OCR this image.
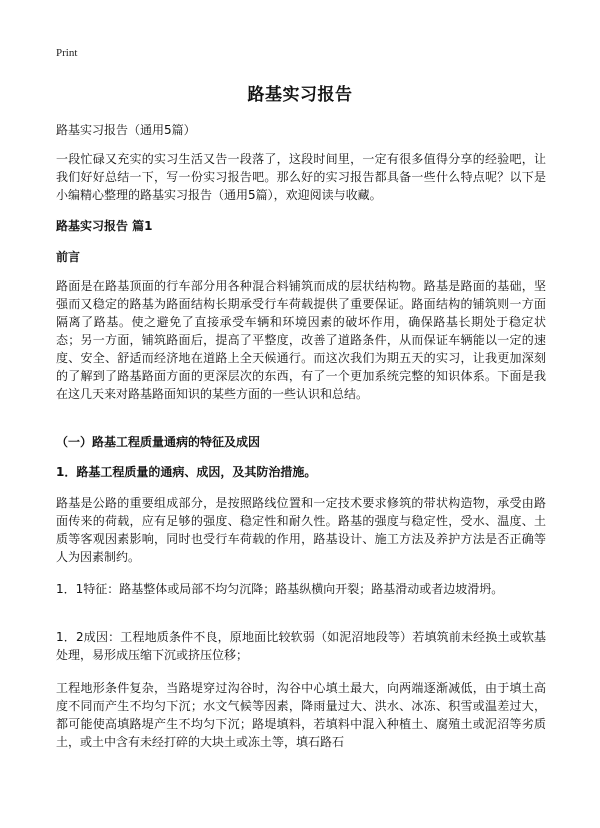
Print
路基实习报告

路基实习报告（通用5篇）

一段忙碌又充实的实习生活又告一段落了，这段时间里，一定有很多值得分享的经验吧，让我们好好总结一下，写一份实习报告吧。那么好的实习报告都具备一些什么特点呢？以下是小编精心整理的路基实习报告（通用5篇），欢迎阅读与收藏。

路基实习报告 篇1

前言

路面是在路基顶面的行车部分用各种混合料铺筑而成的层状结构物。路基是路面的基础，坚强而又稳定的路基为路面结构长期承受行车荷载提供了重要保证。路面结构的铺筑则一方面隔离了路基。使之避免了直接承受车辆和环境因素的破坏作用，确保路基长期处于稳定状态；另一方面，铺筑路面后，提高了平整度，改善了道路条件，从而保证车辆能以一定的速度、安全、舒适而经济地在道路上全天候通行。而这次我们为期五天的实习，让我更加深刻的了解到了路基路面方面的更深层次的东西，有了一个更加系统完整的知识体系。下面是我在这几天来对路基路面知识的某些方面的一些认识和总结。

（一）路基工程质量通病的特征及成因

1．路基工程质量的通病、成因，及其防治措施。

路基是公路的重要组成部分，是按照路线位置和一定技术要求修筑的带状构造物，承受由路面传来的荷载，应有足够的强度、稳定性和耐久性。路基的强度与稳定性，受水、温度、土质等客观因素影响，同时也受行车荷载的作用，路基设计、施工方法及养护方法是否正确等人为因素制约。

1．1特征：路基整体或局部不均匀沉降；路基纵横向开裂；路基滑动或者边坡滑坍。

1．2成因：工程地质条件不良，原地面比较软弱（如泥沼地段等）若填筑前未经换土或软基处理，易形成压缩下沉或挤压位移；

工程地形条件复杂，当路堤穿过沟谷时，沟谷中心填土最大，向两端逐渐减低，由于填土高度不同而产生不均匀下沉；水文气候等因素，降雨量过大、洪水、冰冻、积雪或温差过大，都可能使高填路堤产生不均匀下沉；路堤填料，若填料中混入种植土、腐殖土或泥沼等劣质土，或土中含有未经打碎的大块土或冻土等，填石路石
